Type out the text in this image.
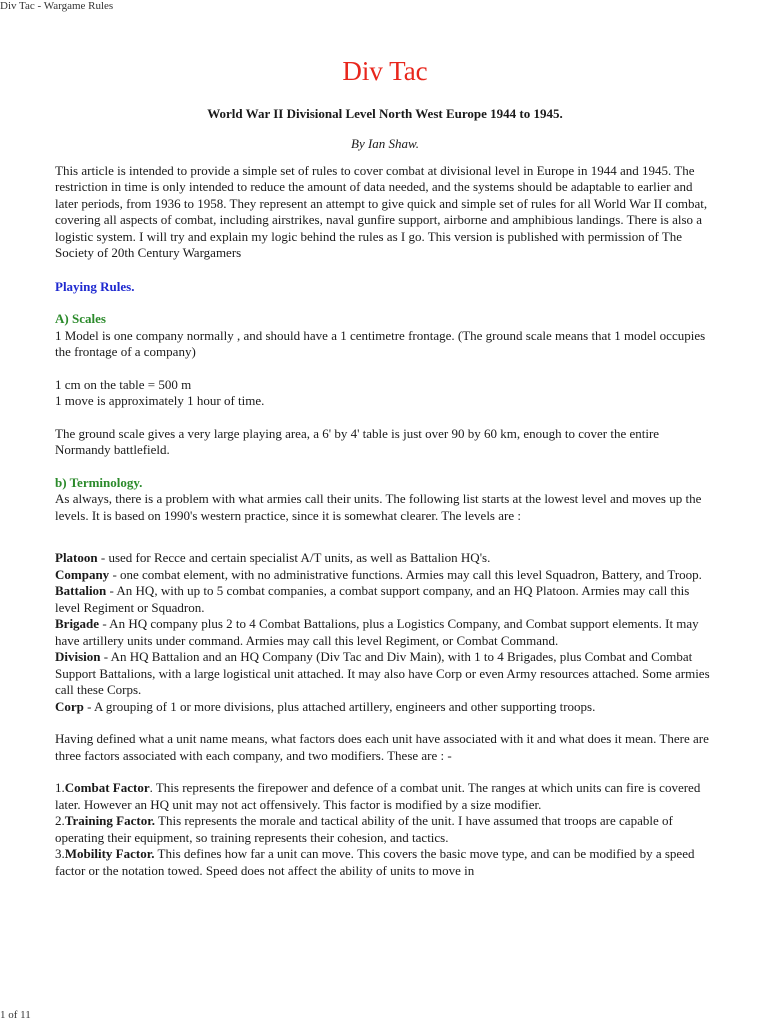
Div Tac - Wargame Rules
Div Tac

World War II Divisional Level North West Europe 1944 to 1945.

By Ian Shaw.

This article is intended to provide a simple set of rules to cover combat at divisional level in Europe in 1944 and 1945. The restriction in time is only intended to reduce the amount of data needed, and the systems should be adaptable to earlier and later periods, from 1936 to 1958. They represent an attempt to give quick and simple set of rules for all World War II combat, covering all aspects of combat, including airstrikes, naval gunfire support, airborne and amphibious landings. There is also a logistic system. I will try and explain my logic behind the rules as I go. This version is published with permission of The Society of 20th Century Wargamers

Playing Rules.

A) Scales

1 Model is one company normally , and should have a 1 centimetre frontage. (The ground scale means that 1 model occupies the frontage of a company)

1 cm on the table = 500 m

1 move is approximately 1 hour of time.

The ground scale gives a very large playing area, a 6' by 4' table is just over 90 by 60 km, enough to cover the entire Normandy battlefield.

b) Terminology.

As always, there is a problem with what armies call their units. The following list starts at the lowest level and moves up the levels. It is based on 1990's western practice, since it is somewhat clearer. The levels are :

Platoon - used for Recce and certain specialist A/T units, as well as Battalion HQ's.

Company - one combat element, with no administrative functions. Armies may call this level Squadron, Battery, and Troop.

Battalion - An HQ, with up to 5 combat companies, a combat support company, and an HQ Platoon. Armies may call this level Regiment or Squadron.

Brigade - An HQ company plus 2 to 4 Combat Battalions, plus a Logistics Company, and Combat support elements. It may have artillery units under command. Armies may call this level Regiment, or Combat Command.

Division - An HQ Battalion and an HQ Company (Div Tac and Div Main), with 1 to 4 Brigades, plus Combat and Combat Support Battalions, with a large logistical unit attached. It may also have Corp or even Army resources attached. Some armies call these Corps.

Corp - A grouping of 1 or more divisions, plus attached artillery, engineers and other supporting troops.

Having defined what a unit name means, what factors does each unit have associated with it and what does it mean. There are three factors associated with each company, and two modifiers. These are : -

1.Combat Factor. This represents the firepower and defence of a combat unit. The ranges at which units can fire is covered later. However an HQ unit may not act offensively. This factor is modified by a size modifier.

2.Training Factor. This represents the morale and tactical ability of the unit. I have assumed that troops are capable of operating their equipment, so training represents their cohesion, and tactics.

3.Mobility Factor. This defines how far a unit can move. This covers the basic move type, and can be modified by a speed factor or the notation towed. Speed does not affect the ability of units to move in

1 of 11
